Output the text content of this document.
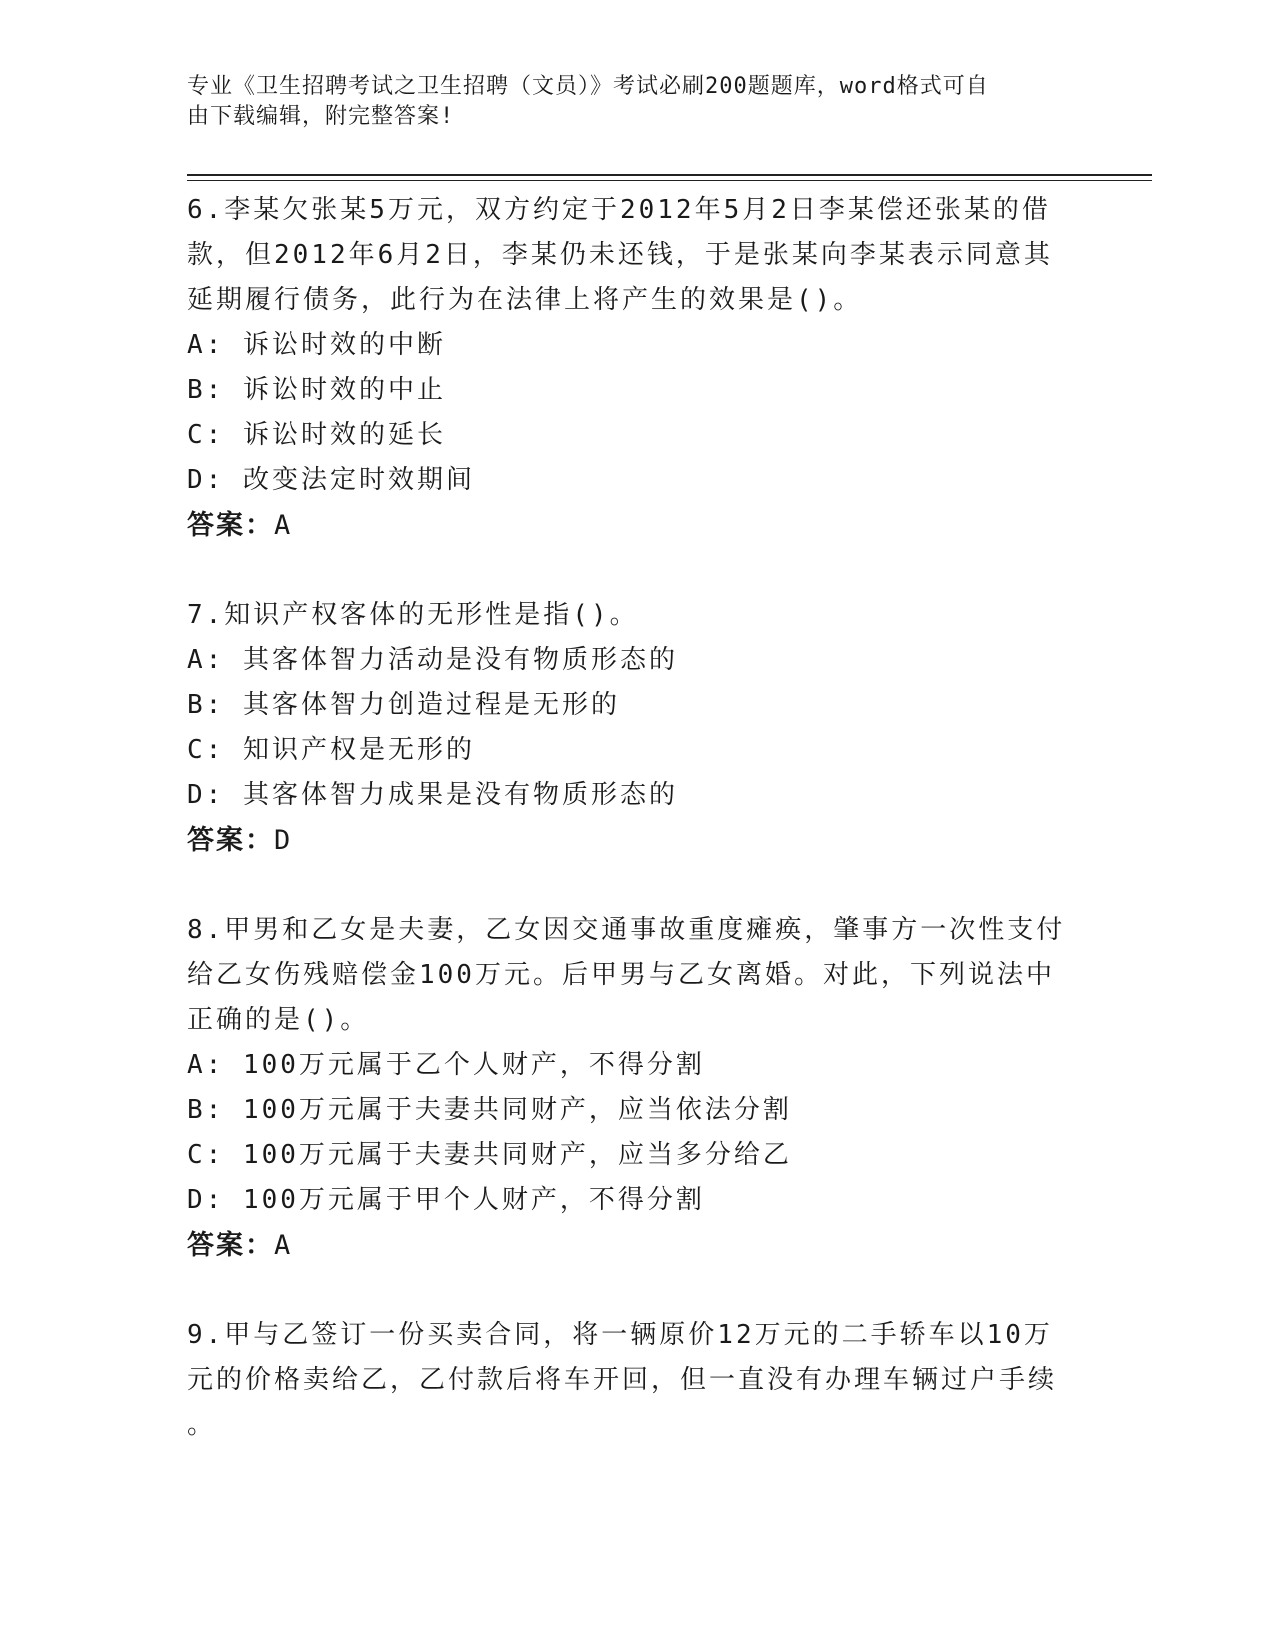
专业《卫生招聘考试之卫生招聘（文员）》考试必刷200题题库，word格式可自
由下载编辑，附完整答案!
6.李某欠张某5万元，双方约定于2012年5月2日李某偿还张某的借
款，但2012年6月2日，李某仍未还钱，于是张某向李某表示同意其
延期履行债务，此行为在法律上将产生的效果是()。
A: 诉讼时效的中断
B: 诉讼时效的中止
C: 诉讼时效的延长
D: 改变法定时效期间
答案：A
7.知识产权客体的无形性是指()。
A: 其客体智力活动是没有物质形态的
B: 其客体智力创造过程是无形的
C: 知识产权是无形的
D: 其客体智力成果是没有物质形态的
答案：D
8.甲男和乙女是夫妻，乙女因交通事故重度瘫痪，肇事方一次性支付
给乙女伤残赔偿金100万元。后甲男与乙女离婚。对此，下列说法中
正确的是()。
A: 100万元属于乙个人财产，不得分割
B: 100万元属于夫妻共同财产，应当依法分割
C: 100万元属于夫妻共同财产，应当多分给乙
D: 100万元属于甲个人财产，不得分割
答案：A
9.甲与乙签订一份买卖合同，将一辆原价12万元的二手轿车以10万
元的价格卖给乙，乙付款后将车开回，但一直没有办理车辆过户手续
。
